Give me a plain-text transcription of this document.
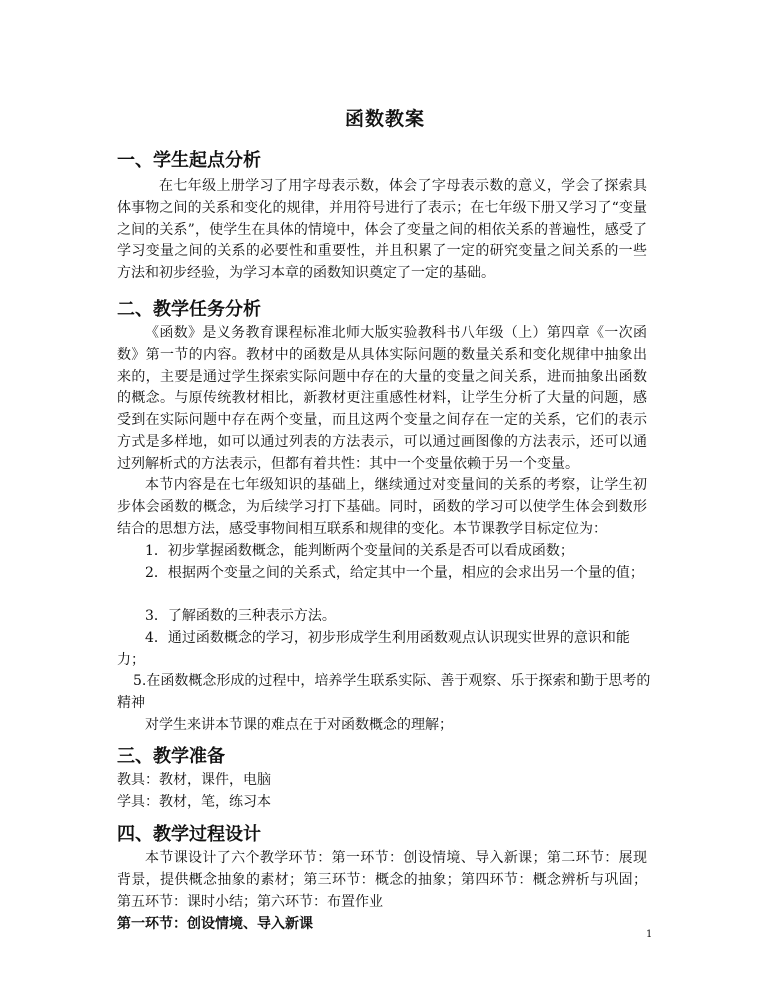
函数教案
一、学生起点分析

在七年级上册学习了用字母表示数，体会了字母表示数的意义，学会了探索具体事物之间的关系和变化的规律，并用符号进行了表示；在七年级下册又学习了“变量之间的关系”，使学生在具体的情境中，体会了变量之间的相依关系的普遍性，感受了学习变量之间的关系的必要性和重要性，并且积累了一定的研究变量之间关系的一些方法和初步经验，为学习本章的函数知识奠定了一定的基础。

二、教学任务分析

《函数》是义务教育课程标准北师大版实验教科书八年级（上）第四章《一次函数》第一节的内容。教材中的函数是从具体实际问题的数量关系和变化规律中抽象出来的，主要是通过学生探索实际问题中存在的大量的变量之间关系，进而抽象出函数的概念。与原传统教材相比，新教材更注重感性材料，让学生分析了大量的问题，感受到在实际问题中存在两个变量，而且这两个变量之间存在一定的关系，它们的表示方式是多样地，如可以通过列表的方法表示，可以通过画图像的方法表示，还可以通过列解析式的方法表示，但都有着共性：其中一个变量依赖于另一个变量。

本节内容是在七年级知识的基础上，继续通过对变量间的关系的考察，让学生初步体会函数的概念，为后续学习打下基础。同时，函数的学习可以使学生体会到数形结合的思想方法，感受事物间相互联系和规律的变化。本节课教学目标定位为：

1．初步掌握函数概念，能判断两个变量间的关系是否可以看成函数；

2．根据两个变量之间的关系式，给定其中一个量，相应的会求出另一个量的值；

3．了解函数的三种表示方法。

4．通过函数概念的学习，初步形成学生利用函数观点认识现实世界的意识和能力；

5.在函数概念形成的过程中，培养学生联系实际、善于观察、乐于探索和勤于思考的精神

对学生来讲本节课的难点在于对函数概念的理解；

三、教学准备

教具：教材，课件，电脑

学具：教材，笔，练习本

四、教学过程设计

本节课设计了六个教学环节：第一环节：创设情境、导入新课；第二环节：展现背景，提供概念抽象的素材；第三环节：概念的抽象；第四环节：概念辨析与巩固；第五环节：课时小结；第六环节：布置作业

第一环节：创设情境、导入新课

1
